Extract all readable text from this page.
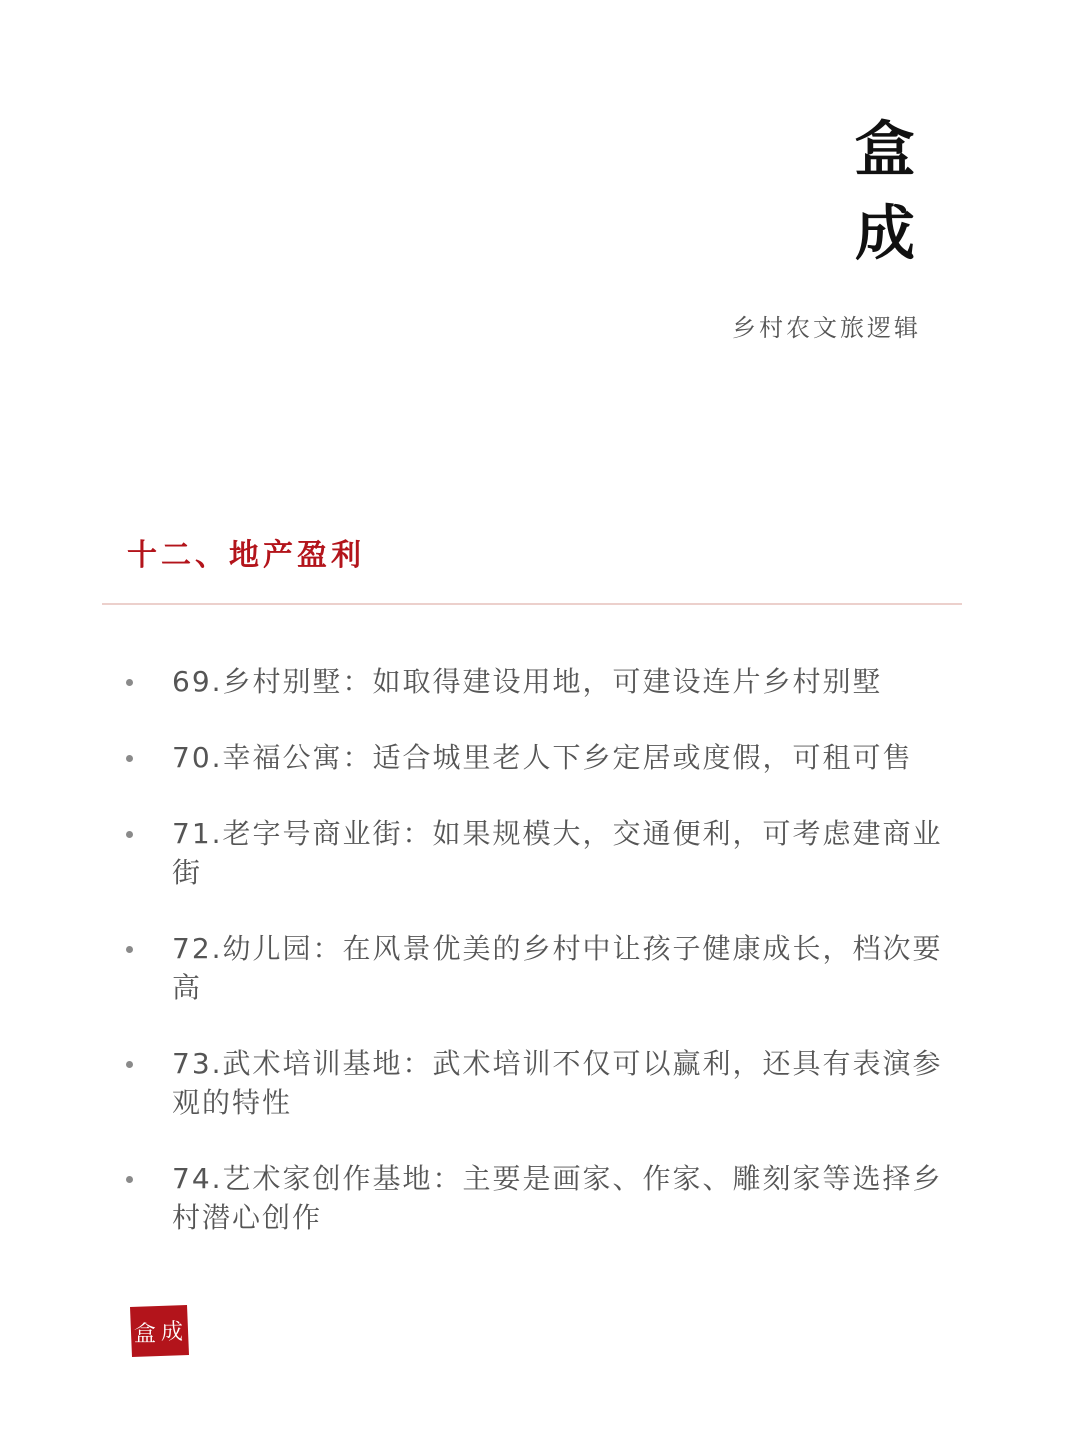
盒
成
乡村农文旅逻辑
十二、地产盈利
69.乡村别墅：如取得建设用地，可建设连片乡村别墅
70.幸福公寓：适合城里老人下乡定居或度假，可租可售
71.老字号商业街：如果规模大，交通便利，可考虑建商业街
72.幼儿园：在风景优美的乡村中让孩子健康成长，档次要高
73.武术培训基地：武术培训不仅可以赢利，还具有表演参观的特性
74.艺术家创作基地：主要是画家、作家、雕刻家等选择乡村潜心创作
盒 成
